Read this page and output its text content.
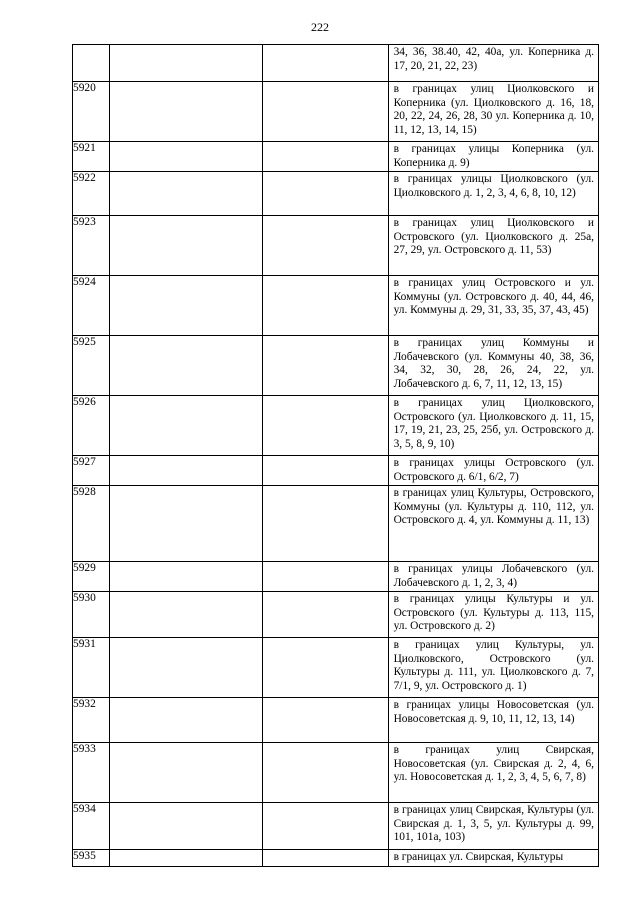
222

			34, 36, 38.40, 42, 40а, ул. Коперника д. 17, 20, 21, 22, 23)

5920			в границах улиц Циолковского и Коперника (ул. Циолковского д. 16, 18, 20, 22, 24, 26, 28, 30 ул. Коперника д. 10, 11, 12, 13, 14, 15)

5921			в границах улицы Коперника (ул. Коперника д. 9)

5922			в границах улицы Циолковского (ул. Циолковского д. 1, 2, 3, 4, 6, 8, 10, 12)

5923			в границах улиц Циолковского и Островского (ул. Циолковского д. 25а, 27, 29, ул. Островского д. 11, 53)

5924			в границах улиц Островского и ул. Коммуны (ул. Островского д. 40, 44, 46, ул. Коммуны д. 29, 31, 33, 35, 37, 43, 45)

5925			в границах улиц Коммуны и Лобачевского (ул. Коммуны 40, 38, 36, 34, 32, 30, 28, 26, 24, 22, ул. Лобачевского д. 6, 7, 11, 12, 13, 15)

5926			в границах улиц Циолковского, Островского (ул. Циолковского д. 11, 15, 17, 19, 21, 23, 25, 25б, ул. Островского д. 3, 5, 8, 9, 10)

5927			в границах улицы Островского (ул. Островского д. 6/1, 6/2, 7)

5928			в границах улиц Культуры, Островского, Коммуны (ул. Культуры д. 110, 112, ул. Островского д. 4, ул. Коммуны д. 11, 13)

5929			в границах улицы Лобачевского (ул. Лобачевского д. 1, 2, 3, 4)

5930			в границах улицы Культуры и ул. Островского (ул. Культуры д. 113, 115, ул. Островского д. 2)

5931			в границах улиц Культуры, ул. Циолковского, Островского (ул. Культуры д. 111, ул. Циолковского д. 7, 7/1, 9, ул. Островского д. 1)

5932			в границах улицы Новосоветская (ул. Новосоветская д. 9, 10, 11, 12, 13, 14)

5933			в границах улиц Свирская, Новосоветская (ул. Свирская д. 2, 4, 6, ул. Новосоветская д. 1, 2, 3, 4, 5, 6, 7, 8)

5934			в границах улиц Свирская, Культуры (ул. Свирская д. 1, 3, 5, ул. Культуры д. 99, 101, 101а, 103)

5935			в границах ул. Свирская, Культуры
